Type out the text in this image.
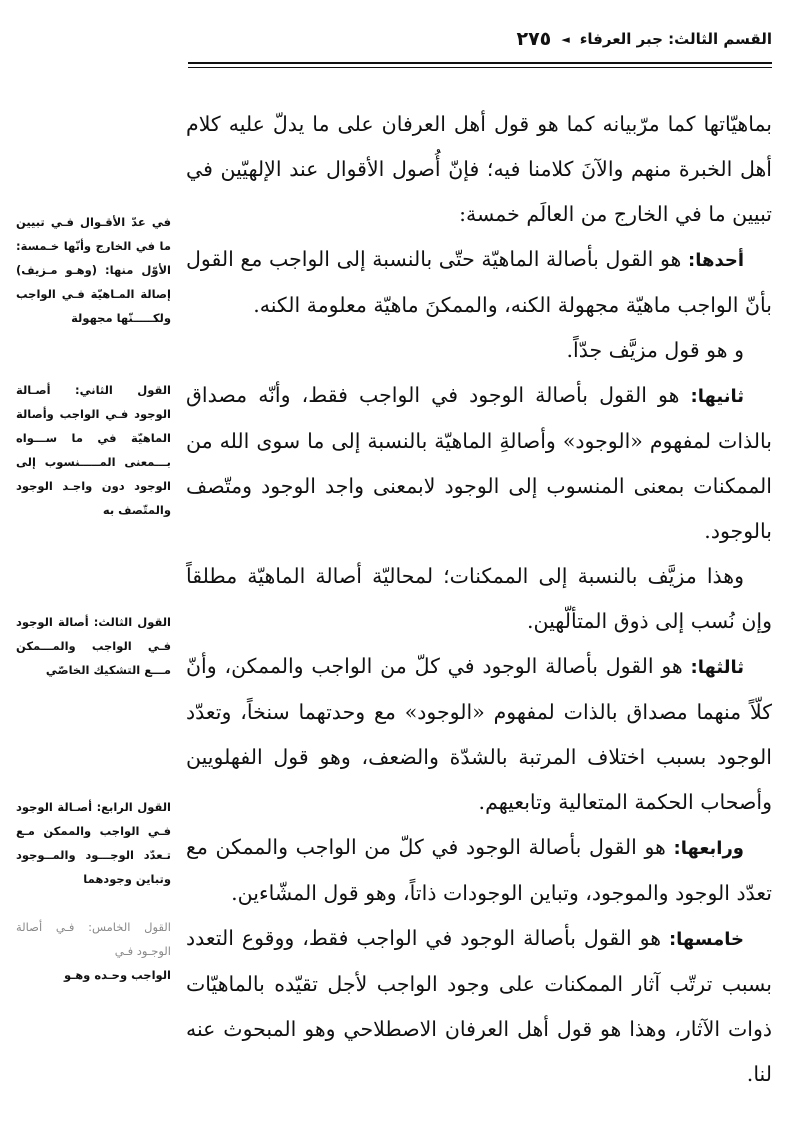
القسم الثالث: جبر العرفاء
◄
٢٧٥

بماهيّاتها كما مرّبيانه كما هو قول أهل العرفان على ما يدلّ عليه كلام أهل الخبرة منهم والآنَ كلامنا فيه؛ فإنّ أُصول الأقوال عند الإلهيّين في تبيين ما في الخارج من العالَم خمسة:

أحدها: هو القول بأصالة الماهيّة حتّى بالنسبة إلى الواجب مع القول بأنّ الواجب ماهيّة مجهولة الكنه، والممكنَ ماهيّة معلومة الكنه.

و هو قول مزيَّف جدّاً.

ثانيها: هو القول بأصالة الوجود في الواجب فقط، وأنّه مصداق بالذات لمفهوم «الوجود» وأصالةِ الماهيّة بالنسبة إلى ما سوى الله من الممكنات بمعنى المنسوب إلى الوجود لابمعنى واجد الوجود ومتّصف بالوجود.

وهذا مزيَّف بالنسبة إلى الممكنات؛ لمحاليّة أصالة الماهيّة مطلقاً وإن نُسب إلى ذوق المتألّهين.

ثالثها: هو القول بأصالة الوجود في كلّ من الواجب والممكن، وأنّ كلّاً منهما مصداق بالذات لمفهوم «الوجود» مع وحدتهما سنخاً، وتعدّد الوجود بسبب اختلاف المرتبة بالشدّة والضعف، وهو قول الفهلويين وأصحاب الحكمة المتعالية وتابعيهم.

ورابعها: هو القول بأصالة الوجود في كلّ من الواجب والممكن مع تعدّد الوجود والموجود، وتباين الوجودات ذاتاً، وهو قول المشّاءين.

خامسها: هو القول بأصالة الوجود في الواجب فقط، ووقوع التعدد بسبب ترتّب آثار الممكنات على وجود الواجب لأجل تقيّده بالماهيّات ذوات الآثار، وهذا هو قول أهل العرفان الاصطلاحي وهو المبحوث عنه لنا.

في عدّ الأقـوال فـي تبيين ما في الخارج وأنّها خـمسة: الأوّل منها: (وهـو مـزيف) إصالة المـاهيّة فـي الواجب ولكـــــنّها مجهولة

القول الثاني: أصـالة الوجود فـي الواجب وأصالة الماهيّة في ما ســـواه بـــمعنى المـــــنسوب إلى الوجود دون واجـد الوجود والمتّصف به

القول الثالث: أصالة الوجود فـي الواجب والمـــمكن مـــع التشكيك الخاصّي

القول الرابع: أصـالة الوجود فـي الواجب والممكن مـع تـعدّد الوجـــود والمــوجود وتباين وجودهما

القول الخامس: فـي أصالة الوجـود فـي

الواجب وحـده وهـو
